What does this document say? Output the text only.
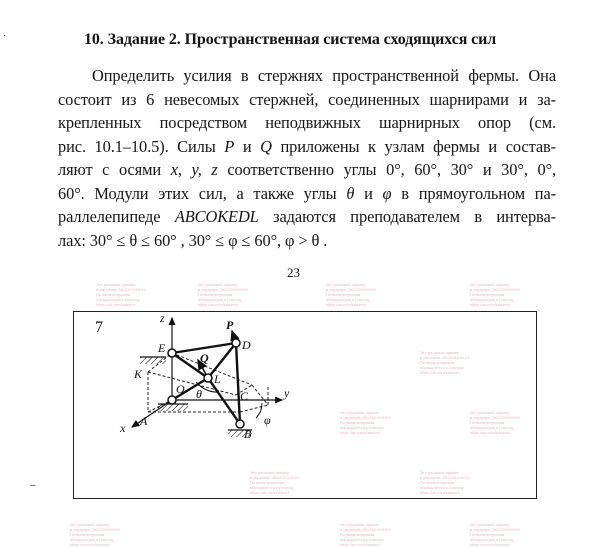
10. Задание 2. Пространственная система сходящихся сил
Определить усилия в стержнях пространственной фермы. Она
состоит из 6 невесомых стержней, соединенных шарнирами и за-
крепленных посредством неподвижных шарнирных опор (см.
рис. 10.1–10.5). Силы P и Q приложены к узлам фермы и состав-
ляют с осями x, y, z соответственно углы 0°, 60°, 30° и 30°, 0°,
60°. Модули этих сил, а также углы θ и φ в прямоугольном па-
раллелепипеде ABCOKEDL задаются преподавателем в интерва-
лах: 30° ≤ θ ≤ 60° , 30° ≤ φ ≤ 60°, φ > θ .
23
7
z
y
x
E
K
O
A
B
C
D
L
P
Q
θ
φ
Это решение пример
в магазине: 8912XXXXXXX
По всем вопросам
обращайтесь к Ильгизу
https://vk.com/zadachi
Это решение пример
в магазине: 8912XXXXXXX
По всем вопросам
обращайтесь к Ильгизу
https://vk.com/zadachi
Это решение пример
в магазине: 8912XXXXXXX
По всем вопросам
обращайтесь к Ильгизу
https://vk.com/zadachi
Это решение пример
в магазине: 8912XXXXXXX
По всем вопросам
обращайтесь к Ильгизу
https://vk.com/zadachi
Это решение пример
в магазине: 8912XXXXXXX
По всем вопросам
обращайтесь к Ильгизу
https://vk.com/zadachi
Это решение пример
в магазине: 8912XXXXXXX
По всем вопросам
обращайтесь к Ильгизу
https://vk.com/zadachi
Это решение пример
в магазине: 8912XXXXXXX
По всем вопросам
обращайтесь к Ильгизу
https://vk.com/zadachi
Это решение пример
в магазине: 8912XXXXXXX
По всем вопросам
обращайтесь к Ильгизу
https://vk.com/zadachi
Это решение пример
в магазине: 8912XXXXXXX
По всем вопросам
обращайтесь к Ильгизу
https://vk.com/zadachi
Это решение пример
в магазине: 8912XXXXXXX
По всем вопросам
обращайтесь к Ильгизу
https://vk.com/zadachi
Это решение пример
в магазине: 8912XXXXXXX
По всем вопросам
обращайтесь к Ильгизу
https://vk.com/zadachi
Это решение пример
в магазине: 8912XXXXXXX
По всем вопросам
обращайтесь к Ильгизу
https://vk.com/zadachi
–
·
